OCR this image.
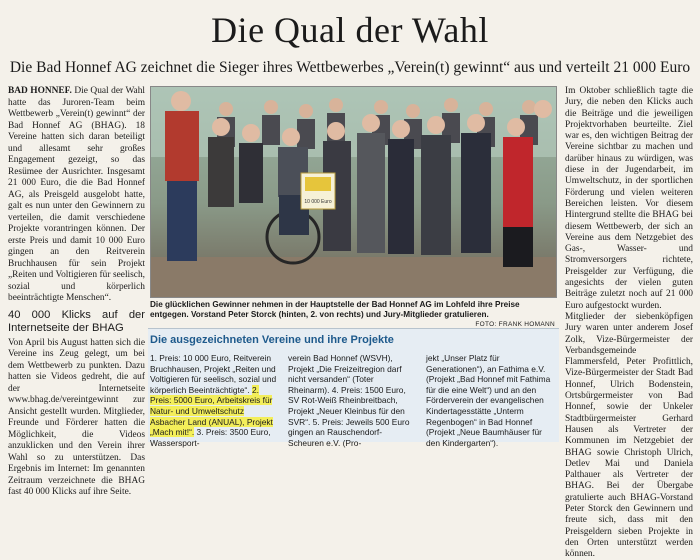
Die Qual der Wahl
Die Bad Honnef AG zeichnet die Sieger ihres Wettbewerbes „Verein(t) gewinnt“ aus und verteilt 21 000 Euro

BAD HONNEF. Die Qual der Wahl hatte das Juroren-Team beim Wettbewerb „Verein(t) gewinnt“ der Bad Honnef AG (BHAG). 18 Vereine hatten sich daran beteiligt und allesamt sehr großes Engagement gezeigt, so das Resümee der Ausrichter. Insgesamt 21 000 Euro, die die Bad Honnef AG, als Preisgeld ausgelobt hatte, galt es nun unter den Gewinnern zu verteilen, die damit verschiedene Projekte vorantringen können. Der erste Preis und damit 10 000 Euro gingen an den Reitverein Bruchhausen für sein Projekt „Reiten und Voltigieren für seelisch, sozial und körperlich beeinträchtigte Menschen“.

40 000 Klicks auf der Internetseite der BHAG

Von April bis August hatten sich die Vereine ins Zeug gelegt, um bei dem Wettbewerb zu punkten. Dazu hatten sie Videos gedreht, die auf der Internetseite www.bhag.de/vereintgewinnt zur Ansicht gestellt wurden. Mitglieder, Freunde und Förderer hatten die Möglichkeit, die Videos anzuklicken und den Verein ihrer Wahl so zu unterstützen. Das Ergebnis im Internet: Im genannten Zeitraum verzeichnete die BHAG fast 40 000 Klicks auf ihre Seite.

10 000 Euro
Die glücklichen Gewinner nehmen in der Hauptstelle der Bad Honnef AG im Lohfeld ihre Preise entgegen. Vorstand Peter Storck (hinten, 2. von rechts) und Jury-Mitglieder gratulieren.
FOTO: FRANK HOMANN
Die ausgezeichneten Vereine und ihre Projekte
1. Preis: 10 000 Euro, Reitverein Bruchhausen, Projekt „Reiten und Voltigieren für seelisch, sozial und körperlich Beeinträchtigte“. 2. Preis: 5000 Euro, Arbeitskreis für Natur- und Umweltschutz Asbacher Land (ANUAL), Projekt „Mach mit!“. 3. Preis: 3500 Euro, Wassersport-
verein Bad Honnef (WSVH), Projekt „Die Freizeitregion darf nicht versanden“ (Toter Rheinarm). 4. Preis: 1500 Euro, SV Rot-Weiß Rheinbreitbach, Projekt „Neuer Kleinbus für den SVR“. 5. Preis: Jeweils 500 Euro gingen an Rauschendorf-Scheuren e.V. (Pro-
jekt „Unser Platz für Generationen“), an Fathima e.V. (Projekt „Bad Honnef mit Fathima für die eine Welt“) und an den Förderverein der evangelischen Kindertagesstätte „Unterm Regenbogen“ in Bad Honnef (Projekt „Neue Baumhäuser für den Kindergarten“).

Im Oktober schließlich tagte die Jury, die neben den Klicks auch die Beiträge und die jeweiligen Projektvorhaben beurteilte. Ziel war es, den wichtigen Beitrag der Vereine sichtbar zu machen und darüber hinaus zu würdigen, was diese in der Jugendarbeit, im Umweltschutz, in der sportlichen Förderung und vielen weiteren Bereichen leisten. Vor diesem Hintergrund stellte die BHAG bei diesem Wettbewerb, der sich an Vereine aus dem Netzgebiet des Gas-, Wasser- und Stromversorgers richtete, Preisgelder zur Verfügung, die angesichts der vielen guten Beiträge zuletzt noch auf 21 000 Euro aufgestockt wurden.

Mitglieder der siebenköpfigen Jury waren unter anderem Josef Zolk, Vize-Bürgermeister der Verbandsgemeinde Flammersfeld, Peter Profittlich, Vize-Bürgermeister der Stadt Bad Honnef, Ulrich Bodenstein, Ortsbürgermeister von Bad Honnef, sowie der Unkeler Stadtbürgermeister Gerhard Hausen als Vertreter der Kommunen im Netzgebiet der BHAG sowie Christoph Ulrich, Detlev Mai und Daniela Palthauer als Vertreter der BHAG. Bei der Übergabe gratulierte auch BHAG-Vorstand Peter Storck den Gewinnern und freute sich, dass mit den Preisgeldern sieben Projekte in den Orten unterstützt werden können.
